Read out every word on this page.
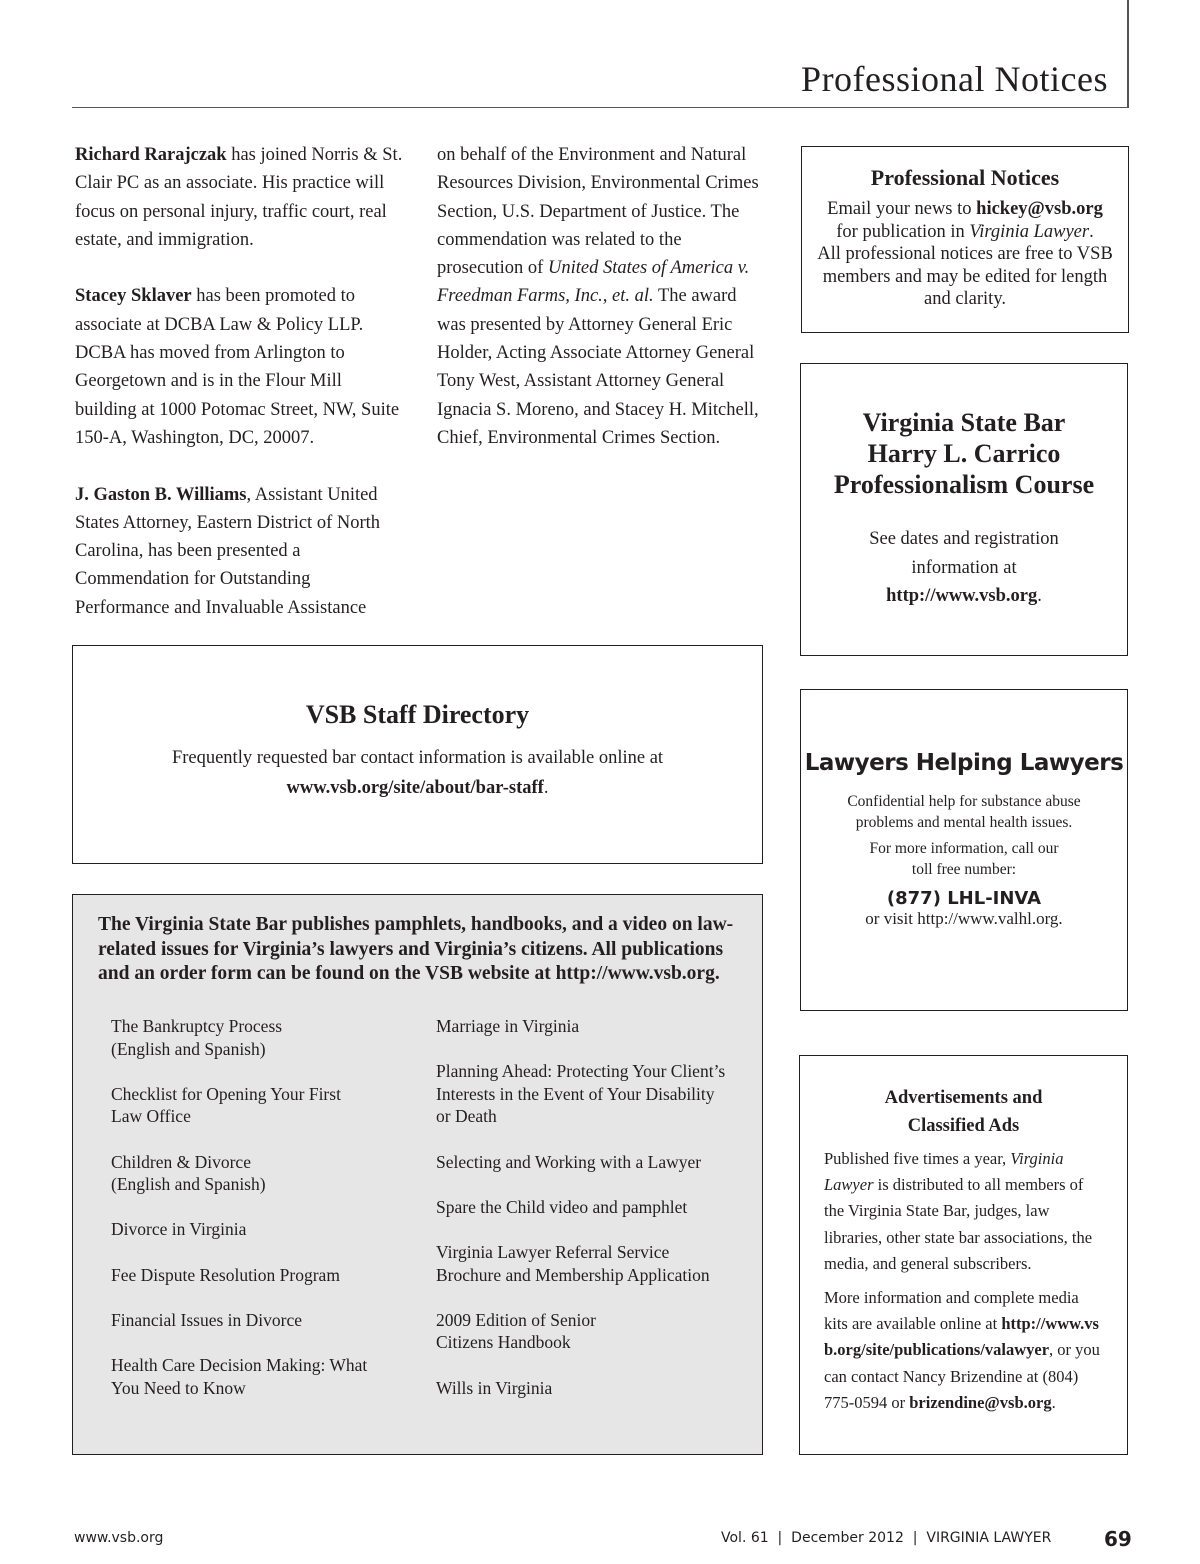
Professional Notices

Richard Rarajczak has joined Norris & St. Clair PC as an associate. His practice will focus on personal injury, traffic court, real estate, and immigration.

Stacey Sklaver has been promoted to associate at DCBA Law & Policy LLP. DCBA has moved from Arlington to Georgetown and is in the Flour Mill building at 1000 Potomac Street, NW, Suite 150-A, Washington, DC, 20007.

J. Gaston B. Williams, Assistant United States Attorney, Eastern District of North Carolina, has been presented a Commendation for Outstanding Performance and Invaluable Assistance

on behalf of the Environment and Natural Resources Division, Environmental Crimes Section, U.S. Department of Justice. The commendation was related to the prosecution of United States of America v. Freedman Farms, Inc., et. al. The award was presented by Attorney General Eric Holder, Acting Associate Attorney General Tony West, Assistant Attorney General Ignacia S. Moreno, and Stacey H. Mitchell, Chief, Environmental Crimes Section.

Professional Notices
Email your news to hickey@vsb.org
for publication in Virginia Lawyer.
All professional notices are free to VSB members and may be edited for length and clarity.
Virginia State Bar
Harry L. Carrico
Professionalism Course
See dates and registration information at
http://www.vsb.org.
VSB Staff Directory
Frequently requested bar contact information is available online at
www.vsb.org/site/about/bar-staff.
Lawyers Helping Lawyers
Confidential help for substance abuse problems and mental health issues.
For more information, call our
toll free number:
(877) LHL-INVA
or visit http://www.valhl.org.
The Virginia State Bar publishes pamphlets, handbooks, and a video on law-related issues for Virginia’s lawyers and Virginia’s citizens. All publications and an order form can be found on the VSB website at http://www.vsb.org.
The Bankruptcy Process
(English and Spanish)
Checklist for Opening Your First
Law Office
Children & Divorce
(English and Spanish)
Divorce in Virginia
Fee Dispute Resolution Program
Financial Issues in Divorce
Health Care Decision Making: What
You Need to Know
Marriage in Virginia
Planning Ahead: Protecting Your Client’s
Interests in the Event of Your Disability
or Death
Selecting and Working with a Lawyer
Spare the Child video and pamphlet
Virginia Lawyer Referral Service
Brochure and Membership Application
2009 Edition of Senior
Citizens Handbook
Wills in Virginia
Advertisements and
Classified Ads

Published five times a year, Virginia Lawyer is distributed to all members of the Virginia State Bar, judges, law libraries, other state bar associations, the media, and general subscribers.

More information and complete media kits are available online at http://www.vsb.org/site/publications/valawyer, or you can contact Nancy Brizendine at (804) 775-0594 or brizendine@vsb.org.

www.vsb.org	Vol. 61  |  December 2012  |  VIRGINIA LAWYER	69
